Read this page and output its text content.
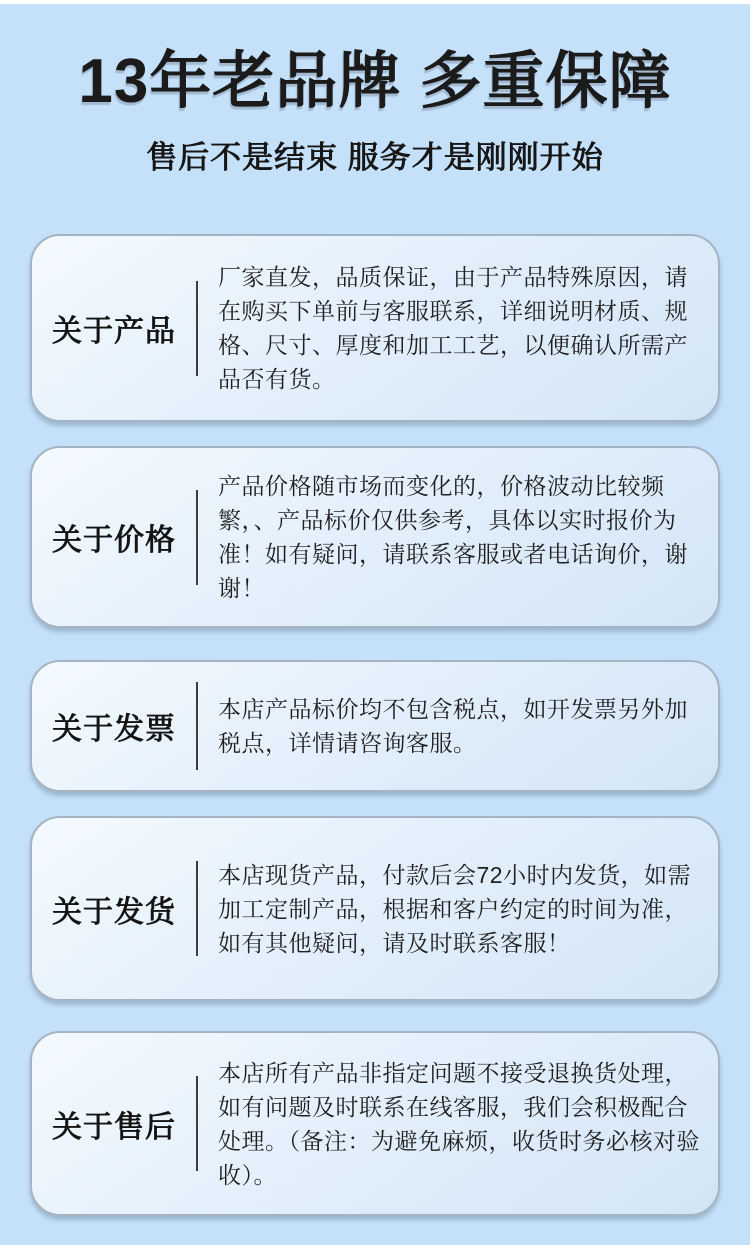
13年老品牌 多重保障
售后不是结束 服务才是刚刚开始
关于产品
厂家直发，品质保证，由于产品特殊原因，请在购买下单前与客服联系，详细说明材质、规格、尺寸、厚度和加工工艺，以便确认所需产品否有货。
关于价格
产品价格随市场而变化的，价格波动比较频繁，、产品标价仅供参考，具体以实时报价为准！如有疑问，请联系客服或者电话询价，谢谢！
关于发票
本店产品标价均不包含税点，如开发票另外加税点，详情请咨询客服。
关于发货
本店现货产品，付款后会72小时内发货，如需加工定制产品，根据和客户约定的时间为准，如有其他疑问，请及时联系客服！
关于售后
本店所有产品非指定问题不接受退换货处理，如有问题及时联系在线客服，我们会积极配合处理。（备注：为避免麻烦，收货时务必核对验收）。
